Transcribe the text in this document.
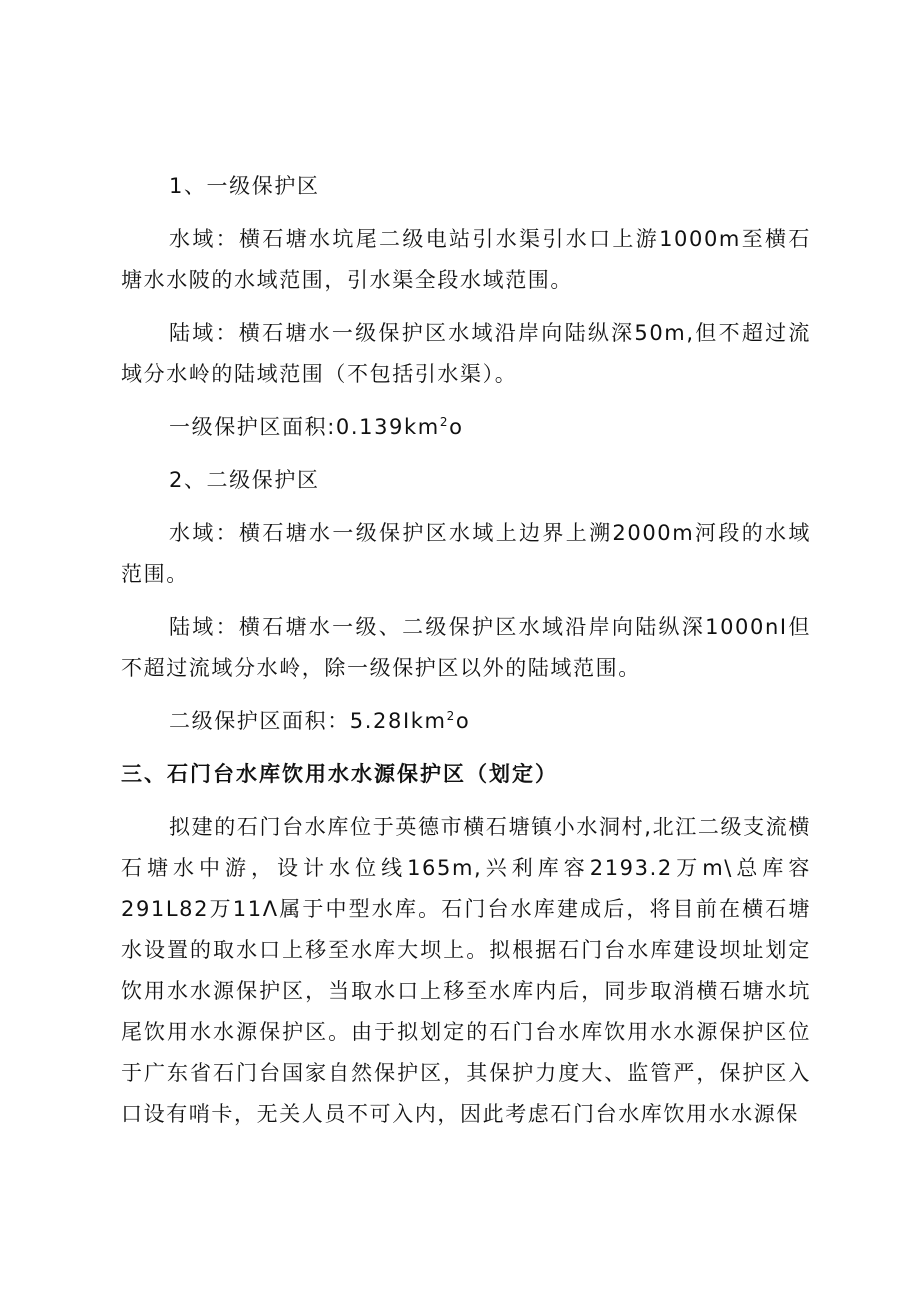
1、一级保护区

水域：横石塘水坑尾二级电站引水渠引水口上游1000m至横石塘水水陂的水域范围，引水渠全段水域范围。

陆域：横石塘水一级保护区水域沿岸向陆纵深50m,但不超过流域分水岭的陆域范围（不包括引水渠）。

一级保护区面积$:0.139km^2o$

2、二级保护区

水域：横石塘水一级保护区水域上边界上溯2000m河段的水域范围。

陆域：横石塘水一级、二级保护区水域沿岸向陆纵深1000nI但不超过流域分水岭，除一级保护区以外的陆域范围。

二级保护区面积：5.28Ikm$^2$o

三、石门台水库饮用水水源保护区（划定）

拟建的石门台水库位于英德市横石塘镇小水洞村,北江二级支流横石塘水中游，设计水位线165m,兴利库容2193.2万m\总库容291L82万11Λ属于中型水库。石门台水库建成后，将目前在横石塘水设置的取水口上移至水库大坝上。拟根据石门台水库建设坝址划定饮用水水源保护区，当取水口上移至水库内后，同步取消横石塘水坑尾饮用水水源保护区。由于拟划定的石门台水库饮用水水源保护区位于广东省石门台国家自然保护区，其保护力度大、监管严，保护区入口设有哨卡，无关人员不可入内，因此考虑石门台水库饮用水水源保
